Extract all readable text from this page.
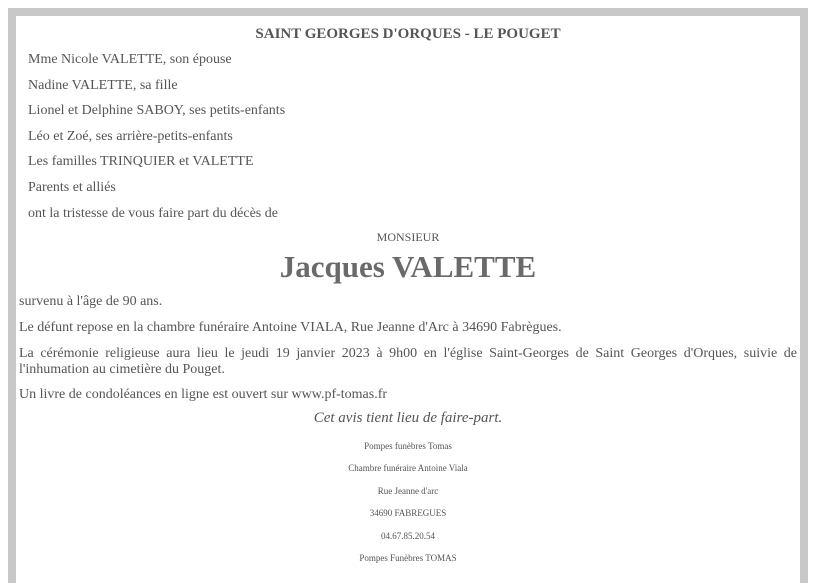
SAINT GEORGES D'ORQUES - LE POUGET

Mme Nicole VALETTE, son épouse

Nadine VALETTE, sa fille

Lionel et Delphine SABOY, ses petits-enfants

Léo et Zoé, ses arrière-petits-enfants

Les familles TRINQUIER et VALETTE

Parents et alliés

ont la tristesse de vous faire part du décès de

MONSIEUR

Jacques VALETTE

survenu à l'âge de 90 ans.

Le défunt repose en la chambre funéraire Antoine VIALA, Rue Jeanne d'Arc à 34690 Fabrègues.

La cérémonie religieuse aura lieu le jeudi 19 janvier 2023 à 9h00 en l'église Saint-Georges de Saint Georges d'Orques, suivie de l'inhumation au cimetière du Pouget.

Un livre de condoléances en ligne est ouvert sur www.pf-tomas.fr

Cet avis tient lieu de faire-part.

Pompes funèbres Tomas

Chambre funéraire Antoine Viala

Rue Jeanne d'arc

34690 FABREGUES

04.67.85.20.54

Pompes Funèbres TOMAS
